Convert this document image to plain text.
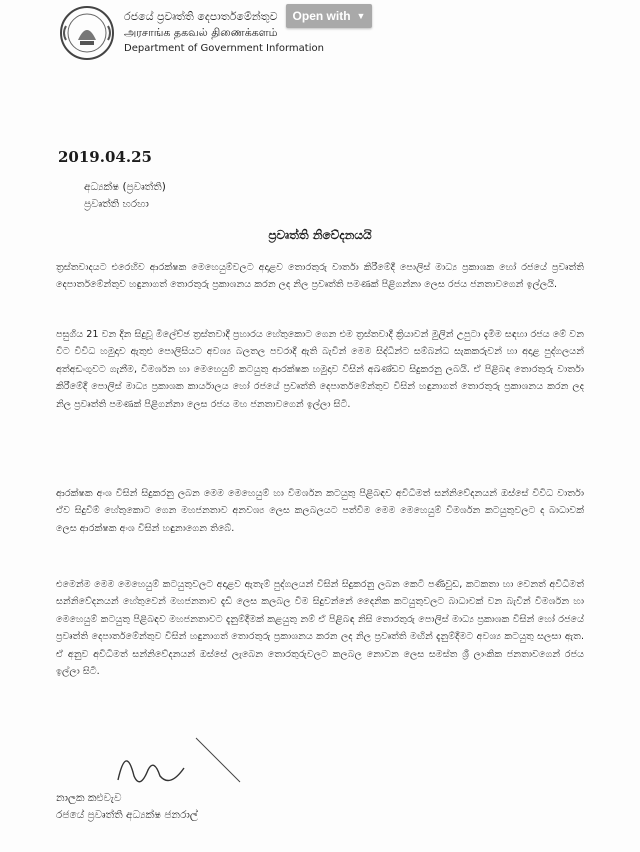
රජයේ ප්‍රවෘත්ති දෙපාර්තමේන්තුව
அரசாங்க தகவல் திணைக்களம்
Department of Government Information
Open with ▼
2019.04.25
අධ්‍යක්ෂ (ප්‍රවෘත්ති)
ප්‍රවෘත්ති හරහා
ප්‍රවෘත්ති නිවේදනයයි
ත්‍රස්තවාදයට එරෙහිව ආරක්ෂක මෙහෙයුම්වලට අදාළව තොරතුරු වාර්තා කිරීමේදී පොලිස් මාධ්‍ය ප්‍රකාශක හෝ රජයේ ප්‍රවෘත්ති දෙපාර්තමේන්තුව හඳුනාගත් තොරතුරු ප්‍රකාශනය කරන ලද නිල ප්‍රවෘත්ති පමණක් පිළිගන්නා ලෙස රජය ජනතාවගෙන් ඉල්ලයි.
පසුගිය 21 වන දින සිදුවූ මිලේච්ඡ ත්‍රස්තවාදී ප්‍රහාරය හේතුකොට ගෙන එම ත්‍රස්තවාදී ක්‍රියාවන් මුලින් උපුටා දැමීම සඳහා රජය මේ වන විට විවිධ හමුදාව ඇතුළු පොලිසියට අවශ්‍ය බලතල පවරාදී ඇති බැවින් මෙම සිද්ධීන්ට සම්බන්ධ සැකකරුවන් හා අදාළ පුද්ගලයන් අත්අඩංගුවට ගැනීම, විමර්ශන හා මෙහෙයුම් කටයුතු ආරක්ෂක හමුදාව විසින් අඛණ්ඩව සිදුකරනු ලබයි. ඒ පිළිබඳ තොරතුරු වාර්තා කිරීමේදී පොලිස් මාධ්‍ය ප්‍රකාශක කාර්යාලය හෝ රජයේ ප්‍රවෘත්ති දෙපාර්තමේන්තුව විසින් හඳුනාගත් තොරතුරු ප්‍රකාශනය කරන ලද නිල ප්‍රවෘත්ති පමණක් පිළිගන්නා ලෙස රජය මහ ජනතාවගෙන් ඉල්ලා සිටී.
ආරක්ෂක අංශ විසින් සිදුකරනු ලබන මෙම මෙහෙයුම් හා විමර්ශන කටයුතු පිළිබඳව අවිධිමත් සන්නිවේදනයන් ඔස්සේ විවිධ වාර්තා ඒව සිදුවීම් හේතුකොට ගෙන මහජනතාව අනවශ්‍ය ලෙස කලබලයට පත්වීම මෙම මෙහෙයුම් විමර්ශන කටයුතුවලට ද බාධාවක් ලෙස ආරක්ෂක අංශ විසින් හඳුනාගෙන තිබේ.
එමෙන්ම මෙම මෙහෙයුම් කටයුතුවලට අදාළව ඇතැම් පුද්ගලයන් විසින් සිදුකරනු ලබන කෙටි පණිවුඩ, කටකතා හා වෙනත් අවිධිමත් සන්නිවේදනයන් හේතුවෙන් මහජනතාව දැඩි ලෙස කලබල වීම සිදුවන්නේ දෛනික කටයුතුවලට බාධාවක් වන බැවින් විමර්ශන හා මෙහෙයුම් කටයුතු පිළිබඳව මහජනතාවට දැනුම්දීමක් කළයුතු නම් ඒ පිළිබඳ නිසි තොරතුරු පොලිස් මාධ්‍ය ප්‍රකාශක විසින් හෝ රජයේ ප්‍රවෘත්ති දෙපාර්තමේන්තුව විසින් හඳුනාගත් තොරතුරු ප්‍රකාශනය කරන ලද නිල ප්‍රවෘත්ති මඟින් දැනුම්දීමට අවශ්‍ය කටයුතු සලසා ඇත. ඒ අනුව අවිධිමත් සන්නිවේදනයන් ඔස්සේ ලැබෙන තොරතුරුවලට කලබල නොවන ලෙස සමස්ත ශ්‍රී ලාංකික ජනතාවගෙන් රජය ඉල්ලා සිටී.
නාලක කළුවැව
රජයේ ප්‍රවෘත්ති අධ්‍යක්ෂ ජනරාල්
